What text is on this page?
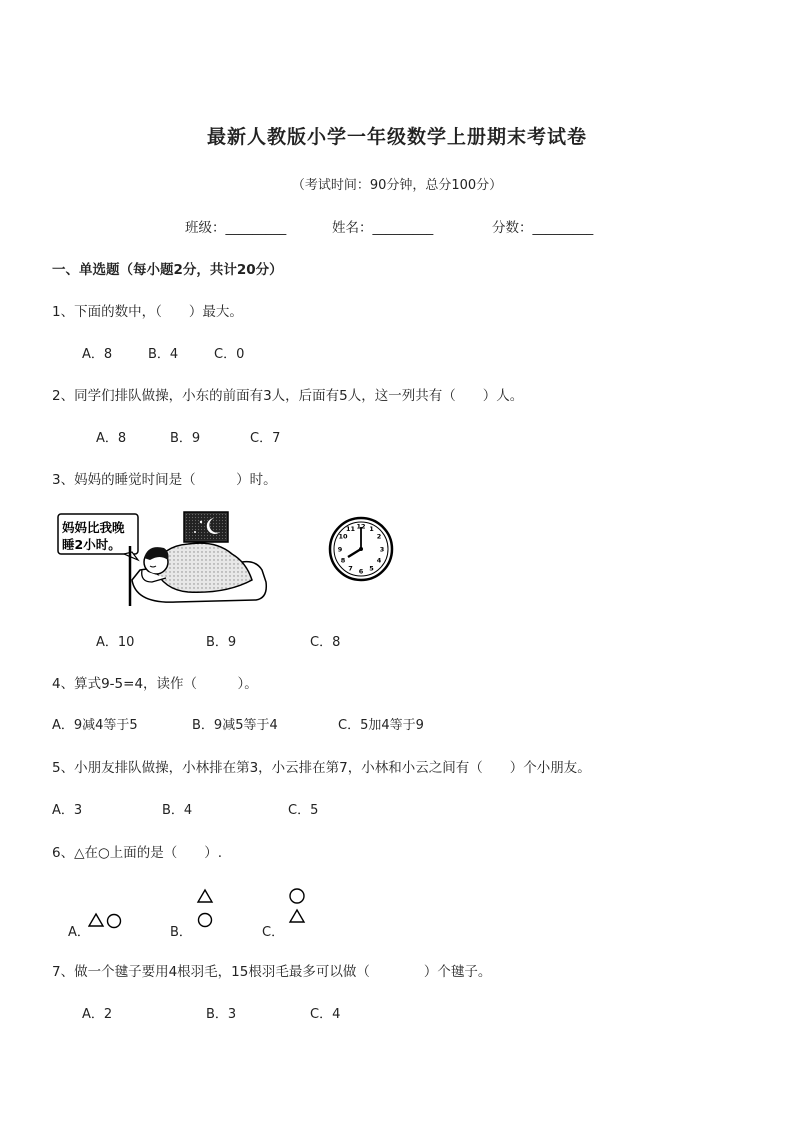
最新人教版小学一年级数学上册期末考试卷
（考试时间：90分钟，总分100分）
班级：_________	姓名：_________	分数：_________
一、单选题（每小题2分，共计20分）
1、下面的数中，（　　）最大。
A．8	B．4	C．0
2、同学们排队做操，小东的前面有3人，后面有5人，这一列共有（　　）人。
A．8	B．9	C．7
3、妈妈的睡觉时间是（　　　）时。
妈妈比我晚
睡2小时。
12 1
2
3
4
5
6
7
8
9
10
11
A．10	B．9	C．8
4、算式9-5=4，读作（　　　）。
A．9减4等于5	B．9减5等于4	C．5加4等于9
5、小朋友排队做操，小林排在第3，小云排在第7，小林和小云之间有（　　）个小朋友。
A．3	B．4	C．5
6、△在○上面的是（　　）.
A．	B．	C．
7、做一个毽子要用4根羽毛，15根羽毛最多可以做（　　　　）个毽子。
A．2	B．3	C．4
